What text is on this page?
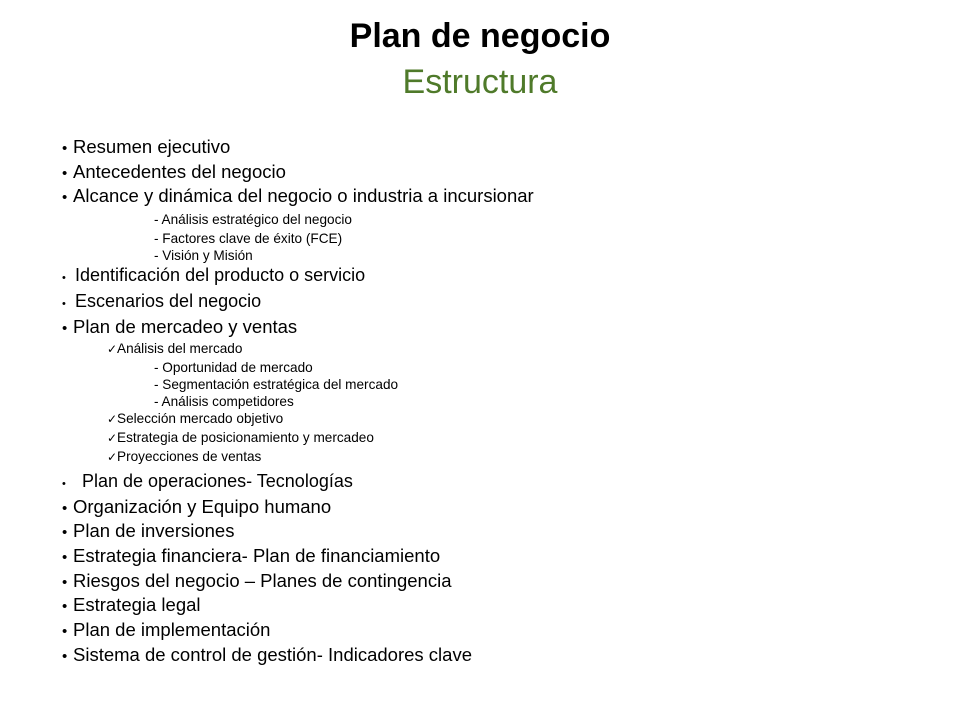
Plan de negocio
Estructura
• Resumen ejecutivo
• Antecedentes del negocio
• Alcance y dinámica del negocio o industria a incursionar
- Análisis estratégico del negocio
- Factores clave de éxito (FCE)
- Visión y Misión
• Identificación del producto o servicio
• Escenarios del negocio
• Plan de mercadeo y ventas
✓ Análisis del mercado
- Oportunidad de mercado
- Segmentación estratégica del mercado
- Análisis competidores
✓ Selección mercado objetivo
✓ Estrategia de posicionamiento y mercadeo
✓ Proyecciones de ventas
• Plan de operaciones- Tecnologías
• Organización y Equipo humano
• Plan de inversiones
• Estrategia financiera- Plan de financiamiento
• Riesgos del negocio – Planes de contingencia
• Estrategia legal
• Plan de implementación
• Sistema de control de gestión- Indicadores clave
